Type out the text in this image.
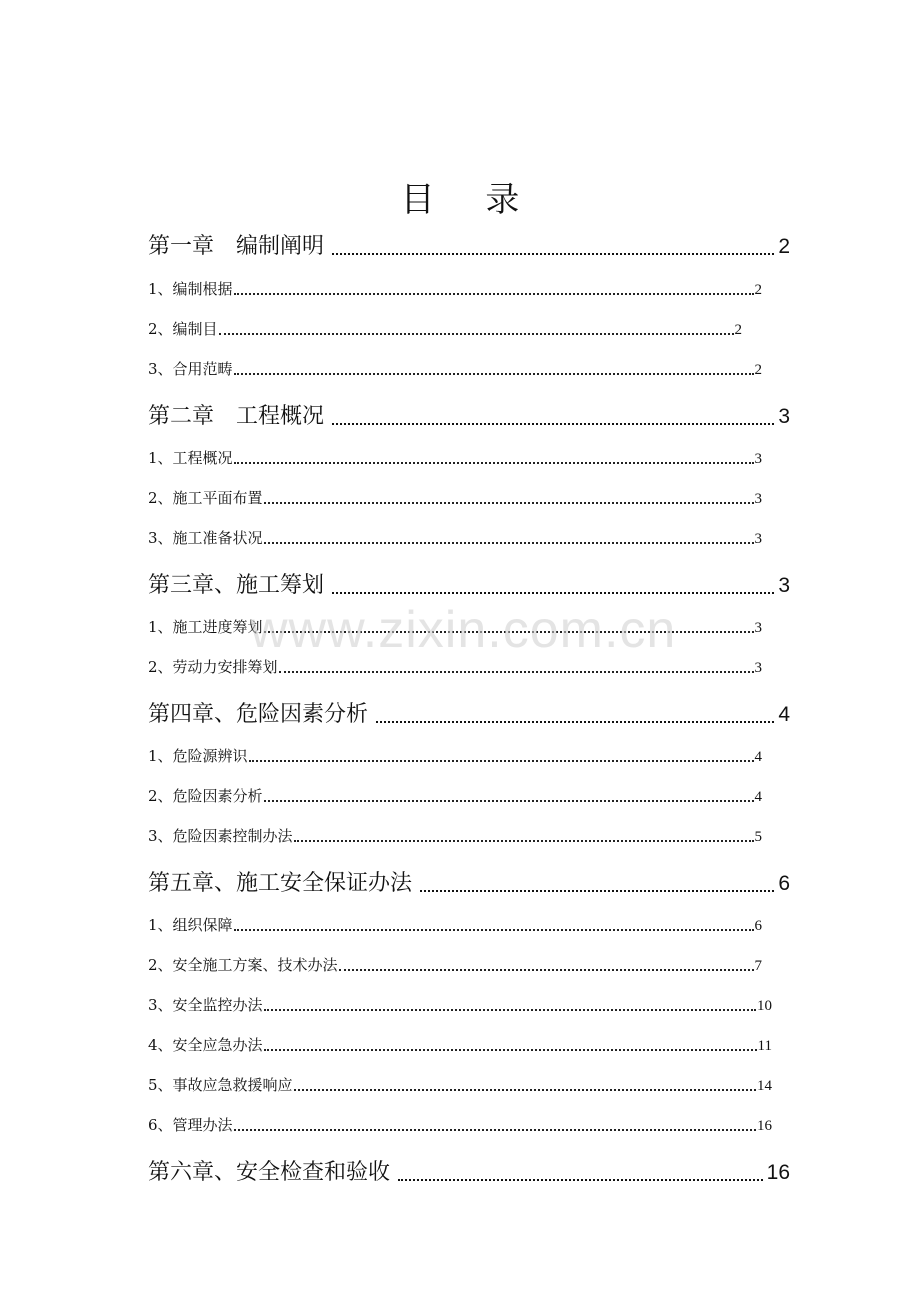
目 录
第一章　编制阐明	2
1、编制根据	2
2、编制目	2
3、合用范畴	2
第二章　工程概况	3
1、工程概况	3
2、施工平面布置	3
3、施工准备状况	3
第三章、施工筹划	3
1、施工进度筹划	3
2、劳动力安排筹划	3
第四章、危险因素分析	4
1、危险源辨识	4
2、危险因素分析	4
3、危险因素控制办法	5
第五章、施工安全保证办法	6
1、组织保障	6
2、安全施工方案、技术办法	7
3、安全监控办法	10
4、安全应急办法	11
5、事故应急救援响应	14
6、管理办法	16
第六章、安全检查和验收	16
www.zixin.com.cn
